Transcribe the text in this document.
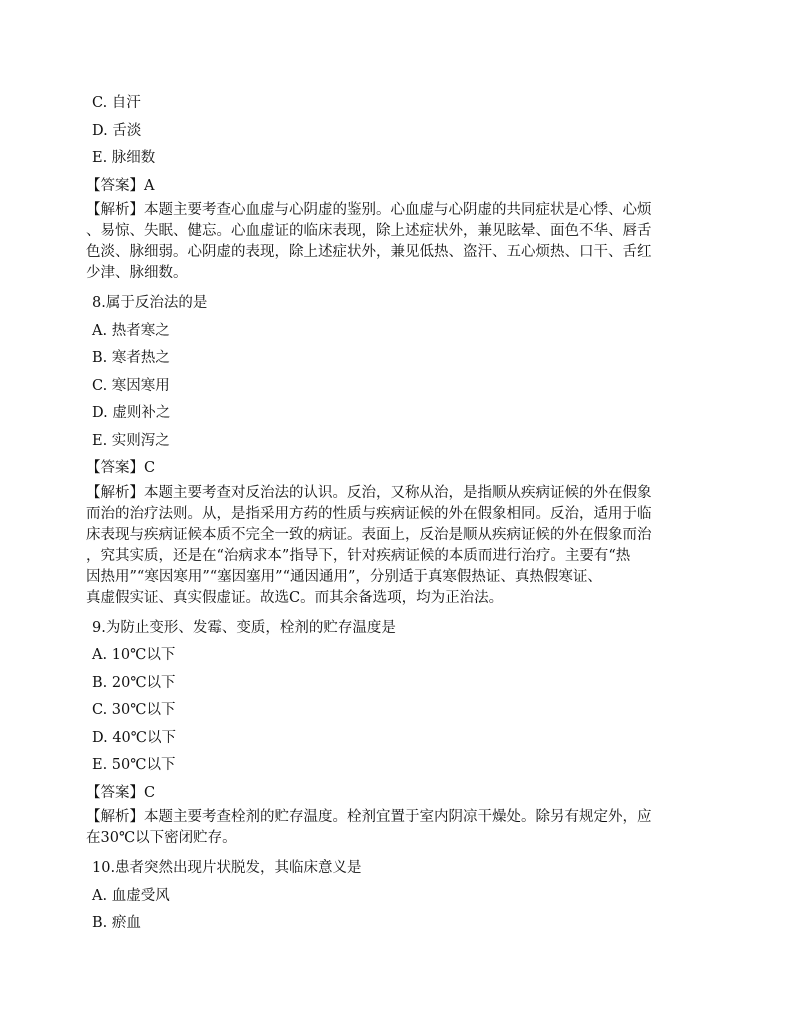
C. 自汗
D. 舌淡
E. 脉细数
【答案】A
【解析】本题主要考查心血虚与心阴虚的鉴别。心血虚与心阴虚的共同症状是心悸、心烦
、易惊、失眠、健忘。心血虚证的临床表现，除上述症状外，兼见眩晕、面色不华、唇舌
色淡、脉细弱。心阴虚的表现，除上述症状外，兼见低热、盗汗、五心烦热、口干、舌红
少津、脉细数。
8.属于反治法的是
A. 热者寒之
B. 寒者热之
C. 寒因寒用
D. 虚则补之
E. 实则泻之
【答案】C
【解析】本题主要考查对反治法的认识。反治，又称从治，是指顺从疾病证候的外在假象
而治的治疗法则。从，是指采用方药的性质与疾病证候的外在假象相同。反治，适用于临
床表现与疾病证候本质不完全一致的病证。表面上，反治是顺从疾病证候的外在假象而治
，究其实质，还是在“治病求本”指导下，针对疾病证候的本质而进行治疗。主要有“热
因热用”“寒因寒用”“塞因塞用”“通因通用”，分别适于真寒假热证、真热假寒证、
真虚假实证、真实假虚证。故选C。而其余备选项，均为正治法。
9.为防止变形、发霉、变质，栓剂的贮存温度是
A. 10℃以下
B. 20℃以下
C. 30℃以下
D. 40℃以下
E. 50℃以下
【答案】C
【解析】本题主要考查栓剂的贮存温度。栓剂宜置于室内阴凉干燥处。除另有规定外，应
在30℃以下密闭贮存。
10.患者突然出现片状脱发，其临床意义是
A. 血虚受风
B. 瘀血
